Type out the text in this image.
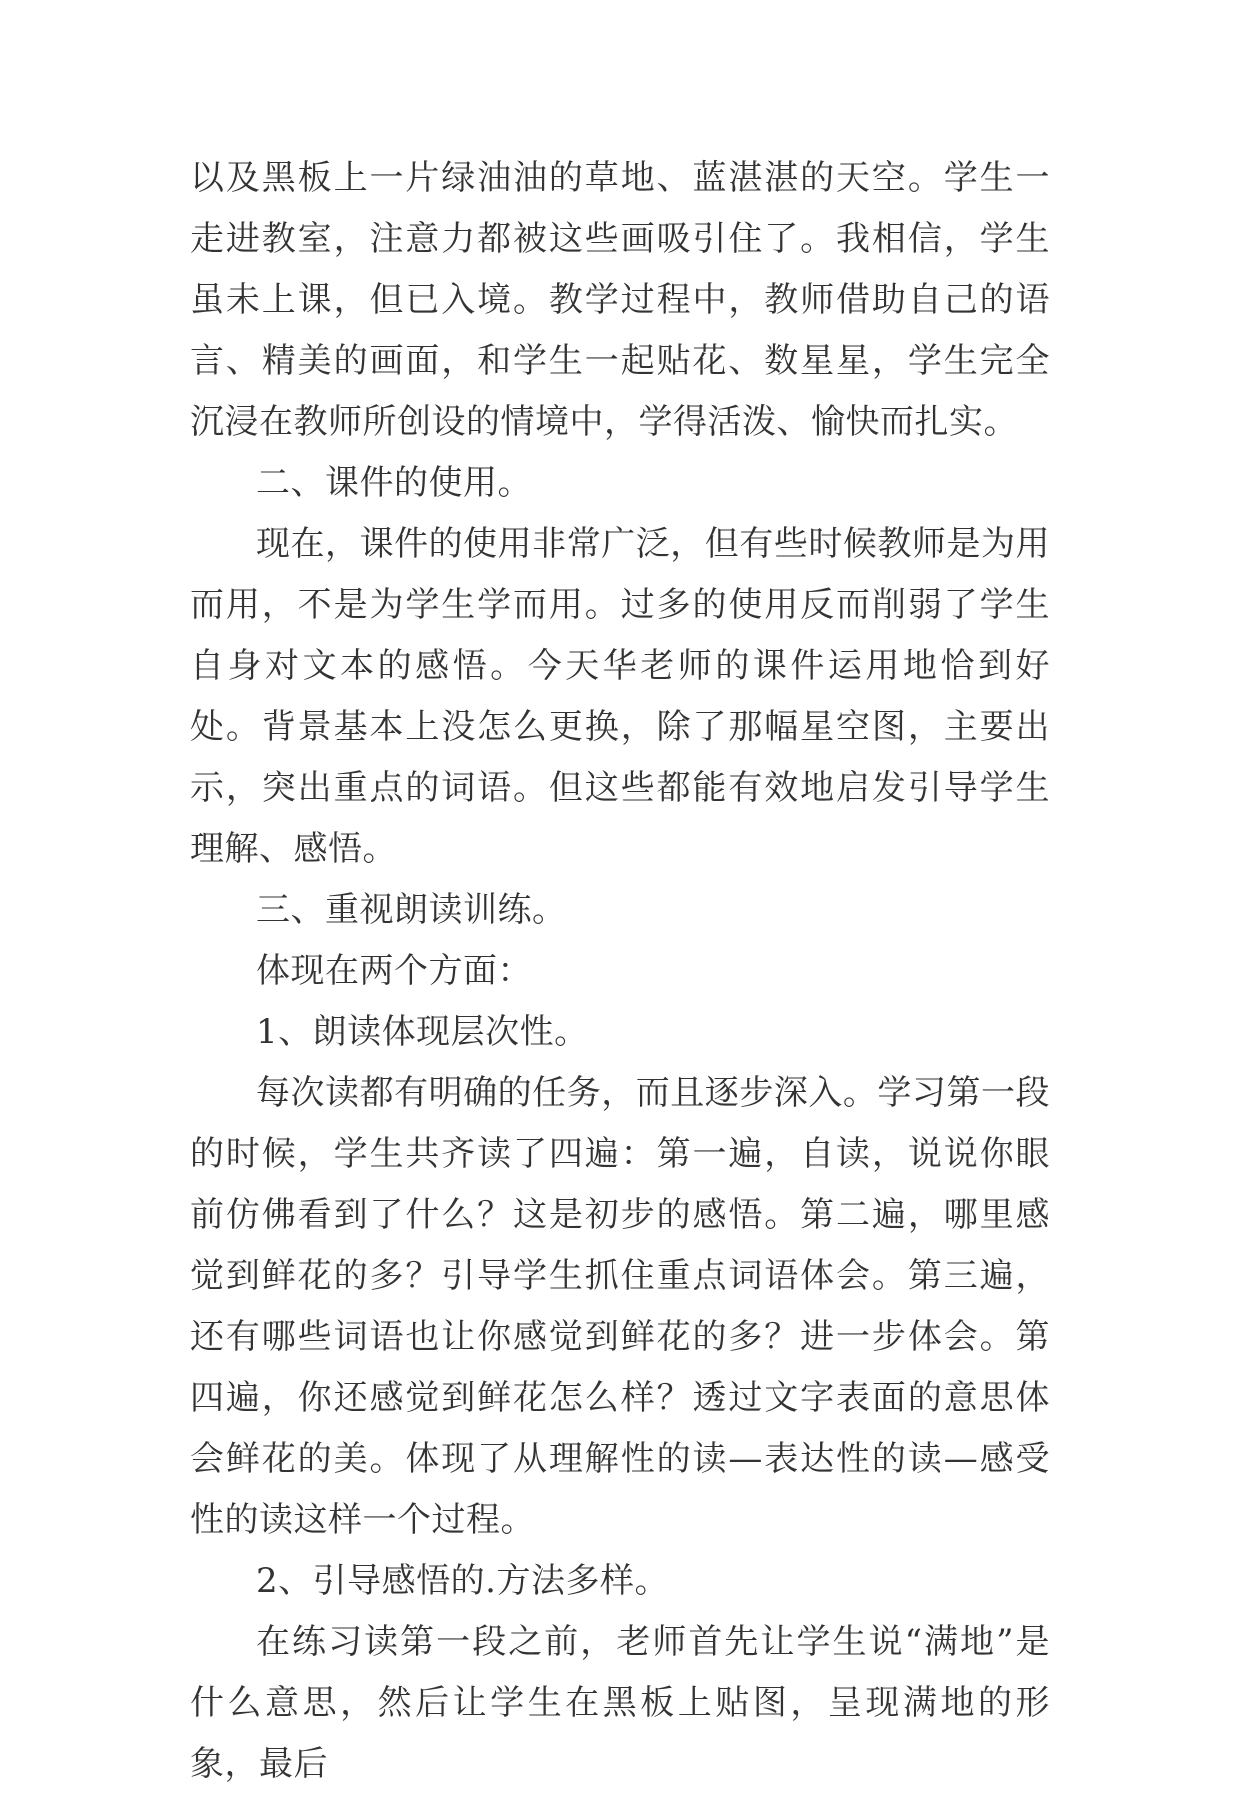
以及黑板上一片绿油油的草地、蓝湛湛的天空。学生一走进教室，注意力都被这些画吸引住了。我相信，学生虽未上课，但已入境。教学过程中，教师借助自己的语言、精美的画面，和学生一起贴花、数星星，学生完全沉浸在教师所创设的情境中，学得活泼、愉快而扎实。

二、课件的使用。

现在，课件的使用非常广泛，但有些时候教师是为用而用，不是为学生学而用。过多的使用反而削弱了学生自身对文本的感悟。今天华老师的课件运用地恰到好处。背景基本上没怎么更换，除了那幅星空图，主要出示，突出重点的词语。但这些都能有效地启发引导学生理解、感悟。

三、重视朗读训练。

体现在两个方面：

1、朗读体现层次性。

每次读都有明确的任务，而且逐步深入。学习第一段的时候，学生共齐读了四遍：第一遍，自读，说说你眼前仿佛看到了什么？这是初步的感悟。第二遍，哪里感觉到鲜花的多？引导学生抓住重点词语体会。第三遍，还有哪些词语也让你感觉到鲜花的多？进一步体会。第四遍，你还感觉到鲜花怎么样？透过文字表面的意思体会鲜花的美。体现了从理解性的读—表达性的读—感受性的读这样一个过程。

2、引导感悟的.方法多样。

在练习读第一段之前，老师首先让学生说“满地”是什么意思，然后让学生在黑板上贴图，呈现满地的形象，最后
